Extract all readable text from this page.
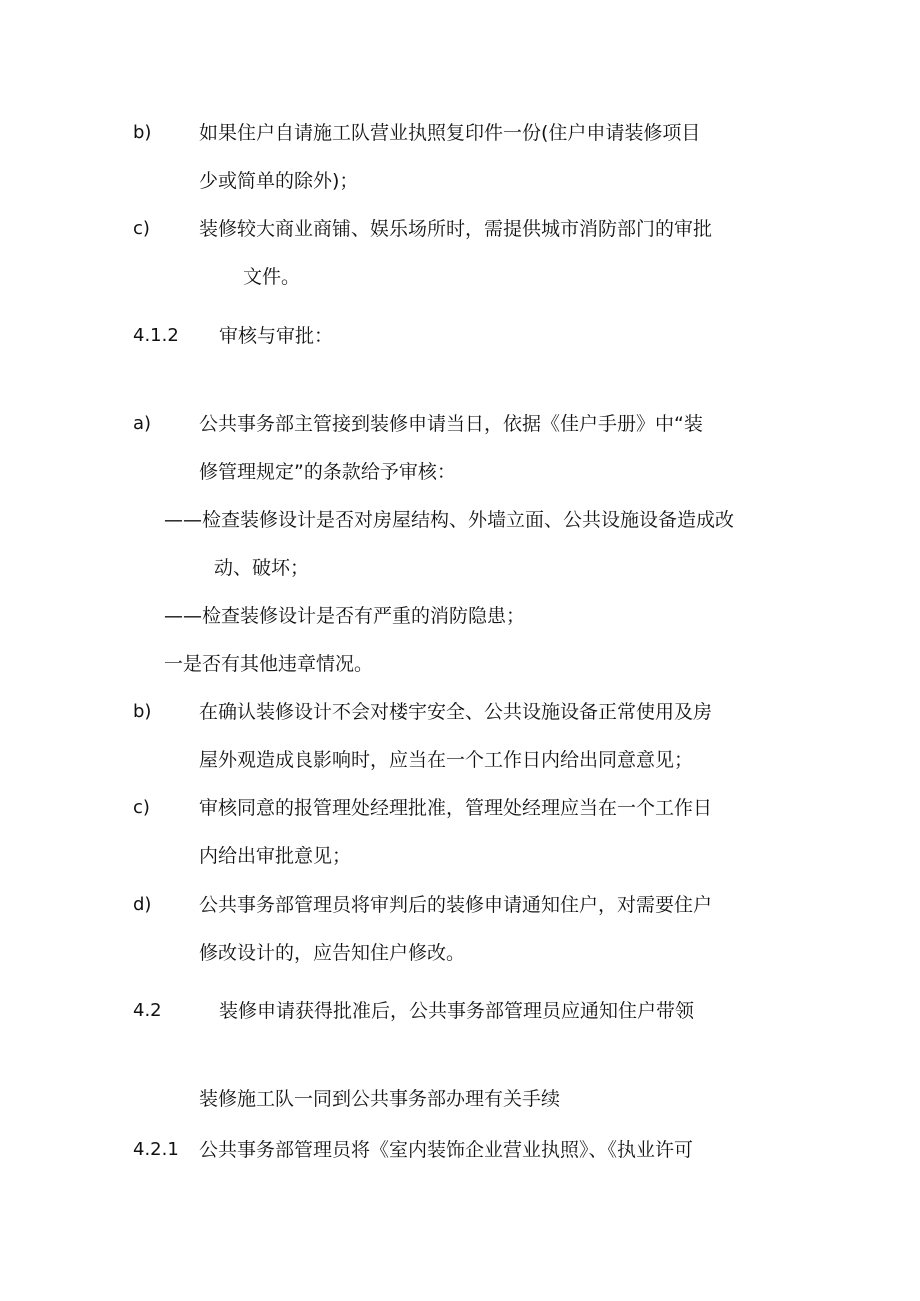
b)	如果住户自请施工队营业执照复印件一份(住户申请装修项目
少或简单的除外)；
c)	装修较大商业商铺、娱乐场所时，需提供城市消防部门的审批
文件。
4.1.2 审核与审批：
a)	公共事务部主管接到装修申请当日，依据《佳户手册》中“装
修管理规定”的条款给予审核：
——检查装修设计是否对房屋结构、外墙立面、公共设施设备造成改
动、破坏；
——检查装修设计是否有严重的消防隐患；
一是否有其他违章情况。
b)	在确认装修设计不会对楼宇安全、公共设施设备正常使用及房
屋外观造成良影响时，应当在一个工作日内给出同意意见；
c)	审核同意的报管理处经理批准，管理处经理应当在一个工作日
内给出审批意见；
d)	公共事务部管理员将审判后的装修申请通知住户，对需要住户
修改设计的，应告知住户修改。
4.2	装修申请获得批准后，公共事务部管理员应通知住户带领
装修施工队一同到公共事务部办理有关手续
4.2.1 公共事务部管理员将《室内装饰企业营业执照》、《执业许可
